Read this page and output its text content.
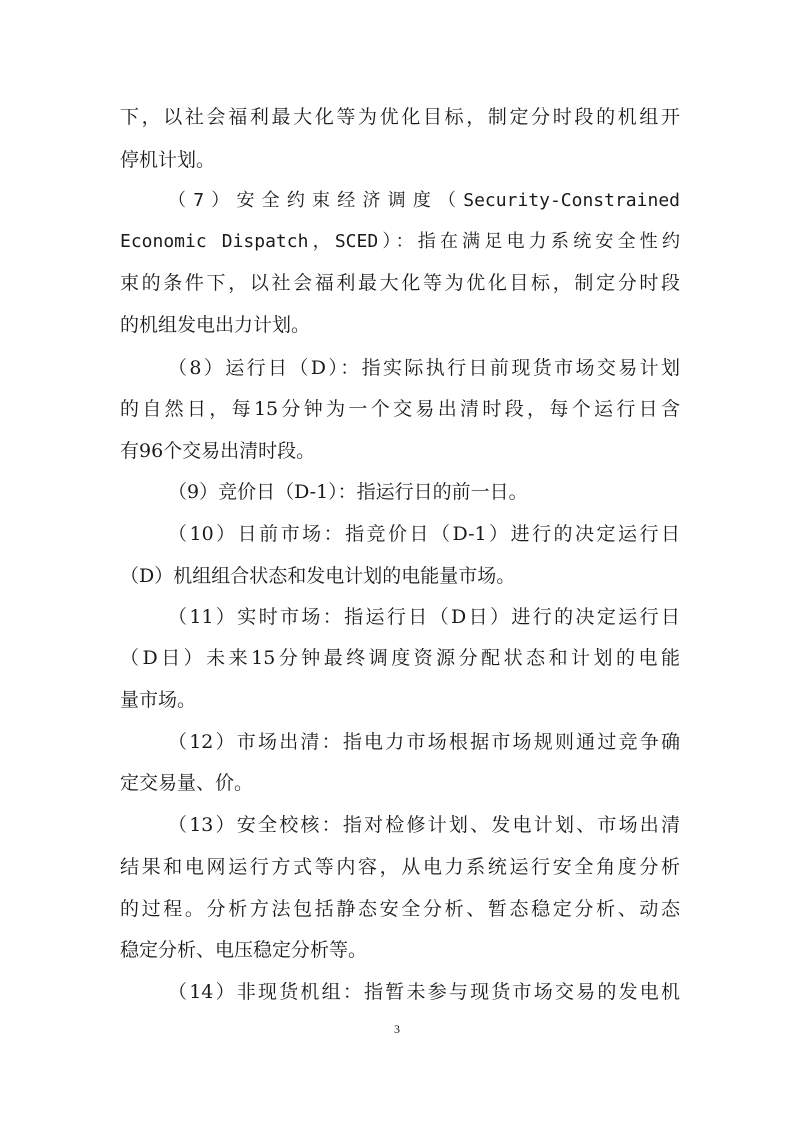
下，以社会福利最大化等为优化目标，制定分时段的机组开
停机计划。
（7）安全约束经济调度（Security-Constrained
Economic Dispatch，SCED）：指在满足电力系统安全性约
束的条件下，以社会福利最大化等为优化目标，制定分时段
的机组发电出力计划。
（8）运行日（D）：指实际执行日前现货市场交易计划
的自然日，每15分钟为一个交易出清时段，每个运行日含
有96个交易出清时段。
（9）竞价日（D-1）：指运行日的前一日。
（10）日前市场：指竞价日（D-1）进行的决定运行日
（D）机组组合状态和发电计划的电能量市场。
（11）实时市场：指运行日（D日）进行的决定运行日
（D日）未来15分钟最终调度资源分配状态和计划的电能
量市场。
（12）市场出清：指电力市场根据市场规则通过竞争确
定交易量、价。
（13）安全校核：指对检修计划、发电计划、市场出清
结果和电网运行方式等内容，从电力系统运行安全角度分析
的过程。分析方法包括静态安全分析、暂态稳定分析、动态
稳定分析、电压稳定分析等。
（14）非现货机组：指暂未参与现货市场交易的发电机
3
